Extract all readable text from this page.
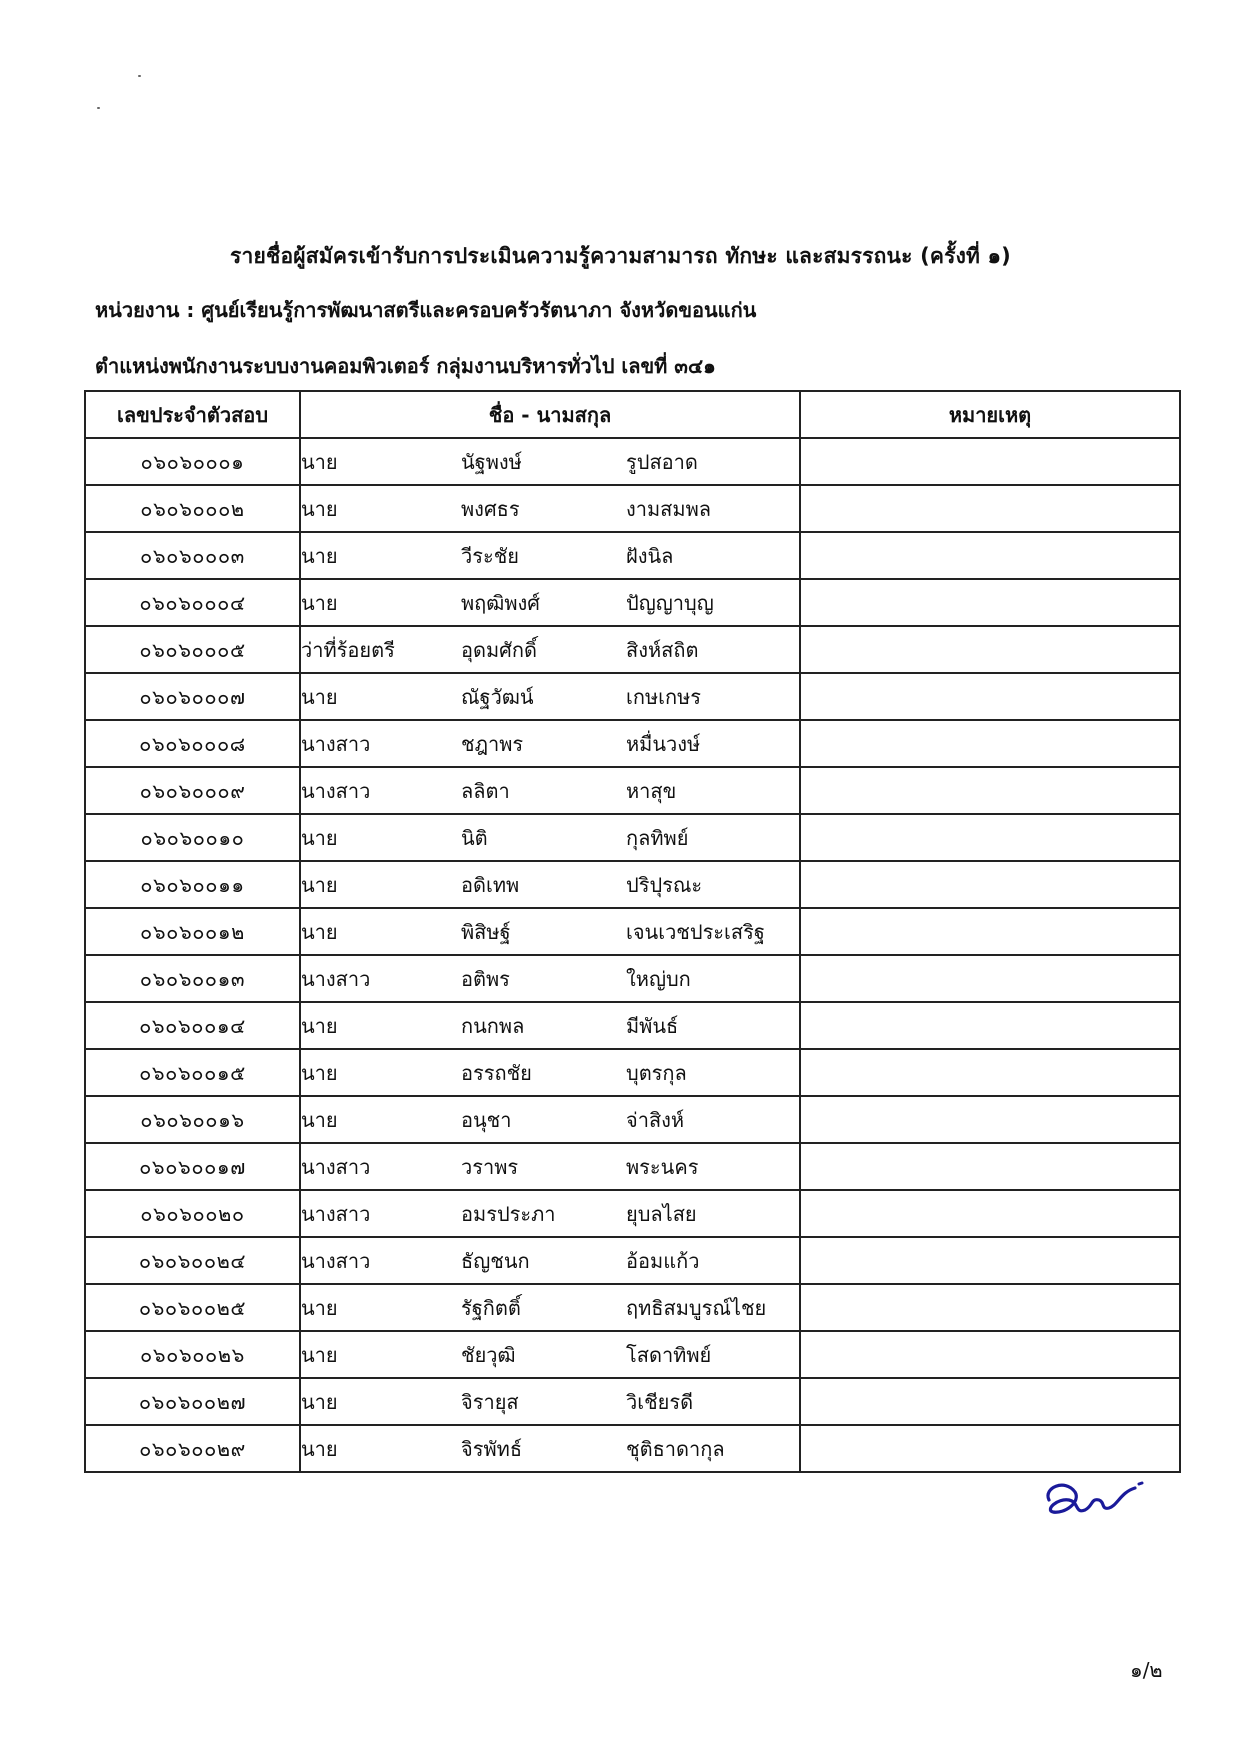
รายชื่อผู้สมัครเข้ารับการประเมินความรู้ความสามารถ ทักษะ และสมรรถนะ (ครั้งที่ ๑)
หน่วยงาน : ศูนย์เรียนรู้การพัฒนาสตรีและครอบครัวรัตนาภา จังหวัดขอนแก่น
ตำแหน่งพนักงานระบบงานคอมพิวเตอร์ กลุ่มงานบริหารทั่วไป เลขที่ ๓๔๑
เลขประจำตัวสอบ	ชื่อ - นามสกุล	หมายเหตุ
๐๖๐๖๐๐๐๑	นาย นัฐพงษ์ รูปสอาด	
๐๖๐๖๐๐๐๒	นาย พงศธร งามสมพล	
๐๖๐๖๐๐๐๓	นาย วีระชัย ฝังนิล	
๐๖๐๖๐๐๐๔	นาย พฤฒิพงศ์ ปัญญาบุญ	
๐๖๐๖๐๐๐๕	ว่าที่ร้อยตรี อุดมศักดิ์ สิงห์สถิต	
๐๖๐๖๐๐๐๗	นาย ณัฐวัฒน์ เกษเกษร	
๐๖๐๖๐๐๐๘	นางสาว ชฎาพร หมื่นวงษ์	
๐๖๐๖๐๐๐๙	นางสาว ลลิตา หาสุข	
๐๖๐๖๐๐๑๐	นาย นิติ กุลทิพย์	
๐๖๐๖๐๐๑๑	นาย อดิเทพ ปริปุรณะ	
๐๖๐๖๐๐๑๒	นาย พิสิษฐ์ เจนเวชประเสริฐ	
๐๖๐๖๐๐๑๓	นางสาว อติพร ใหญ่บก	
๐๖๐๖๐๐๑๔	นาย กนกพล มีพันธ์	
๐๖๐๖๐๐๑๕	นาย อรรถชัย บุตรกุล	
๐๖๐๖๐๐๑๖	นาย อนุชา จ่าสิงห์	
๐๖๐๖๐๐๑๗	นางสาว วราพร พระนคร	
๐๖๐๖๐๐๒๐	นางสาว อมรประภา ยุบลไสย	
๐๖๐๖๐๐๒๔	นางสาว ธัญชนก อ้อมแก้ว	
๐๖๐๖๐๐๒๕	นาย รัฐกิตติ์ ฤทธิสมบูรณ์ไชย	
๐๖๐๖๐๐๒๖	นาย ชัยวุฒิ โสดาทิพย์	
๐๖๐๖๐๐๒๗	นาย จิรายุส วิเชียรดี	
๐๖๐๖๐๐๒๙	นาย จิรพัทธ์ ชุติธาดากุล	
๑/๒
